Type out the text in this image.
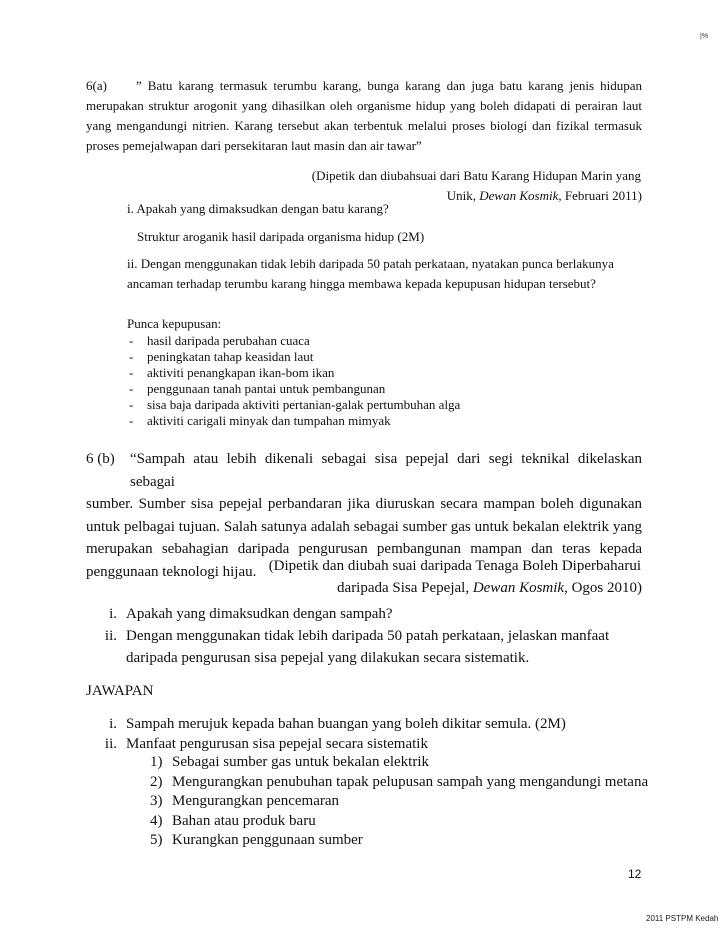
|%
6(a) ” Batu karang termasuk terumbu karang, bunga karang dan juga batu karang jenis hidupan
merupakan struktur arogonit yang dihasilkan oleh organisme hidup yang boleh didapati di perairan laut yang mengandungi nitrien. Karang tersebut akan terbentuk melalui proses biologi dan fizikal termasuk proses pemejalwapan dari persekitaran laut masin dan air tawar”
(Dipetik dan diubahsuai dari Batu Karang Hidupan Marin yang
Unik, Dewan Kosmik, Februari 2011)
i. Apakah yang dimaksudkan dengan batu karang?
Struktur aroganik hasil daripada organisma hidup (2M)
ii. Dengan menggunakan tidak lebih daripada 50 patah perkataan, nyatakan punca berlakunya
ancaman terhadap terumbu karang hingga membawa kepada kepupusan hidupan tersebut?
Punca kepupusan:
- hasil daripada perubahan cuaca
- peningkatan tahap keasidan laut
- aktiviti penangkapan ikan-bom ikan
- penggunaan tanah pantai untuk pembangunan
- sisa baja daripada aktiviti pertanian-galak pertumbuhan alga
- aktiviti carigali minyak dan tumpahan mimyak
6 (b) “Sampah atau lebih dikenali sebagai sisa pepejal dari segi teknikal dikelaskan sebagai
sumber. Sumber sisa pepejal perbandaran jika diuruskan secara mampan boleh digunakan untuk pelbagai tujuan. Salah satunya adalah sebagai sumber gas untuk bekalan elektrik yang merupakan sebahagian daripada pengurusan pembangunan mampan dan teras kepada penggunaan teknologi hijau. (Dipetik dan diubah suai daripada Tenaga Boleh Diperbaharui
daripada Sisa Pepejal, Dewan Kosmik, Ogos 2010)
i. Apakah yang dimaksudkan dengan sampah?
ii. Dengan menggunakan tidak lebih daripada 50 patah perkataan, jelaskan manfaat daripada pengurusan sisa pepejal yang dilakukan secara sistematik.
JAWAPAN
i. Sampah merujuk kepada bahan buangan yang boleh dikitar semula. (2M)
ii. Manfaat pengurusan sisa pepejal secara sistematik
1) Sebagai sumber gas untuk bekalan elektrik
2) Mengurangkan penubuhan tapak pelupusan sampah yang mengandungi metana
3) Mengurangkan pencemaran
4) Bahan atau produk baru
5) Kurangkan penggunaan sumber
12
2011 PSTPM Kedah
